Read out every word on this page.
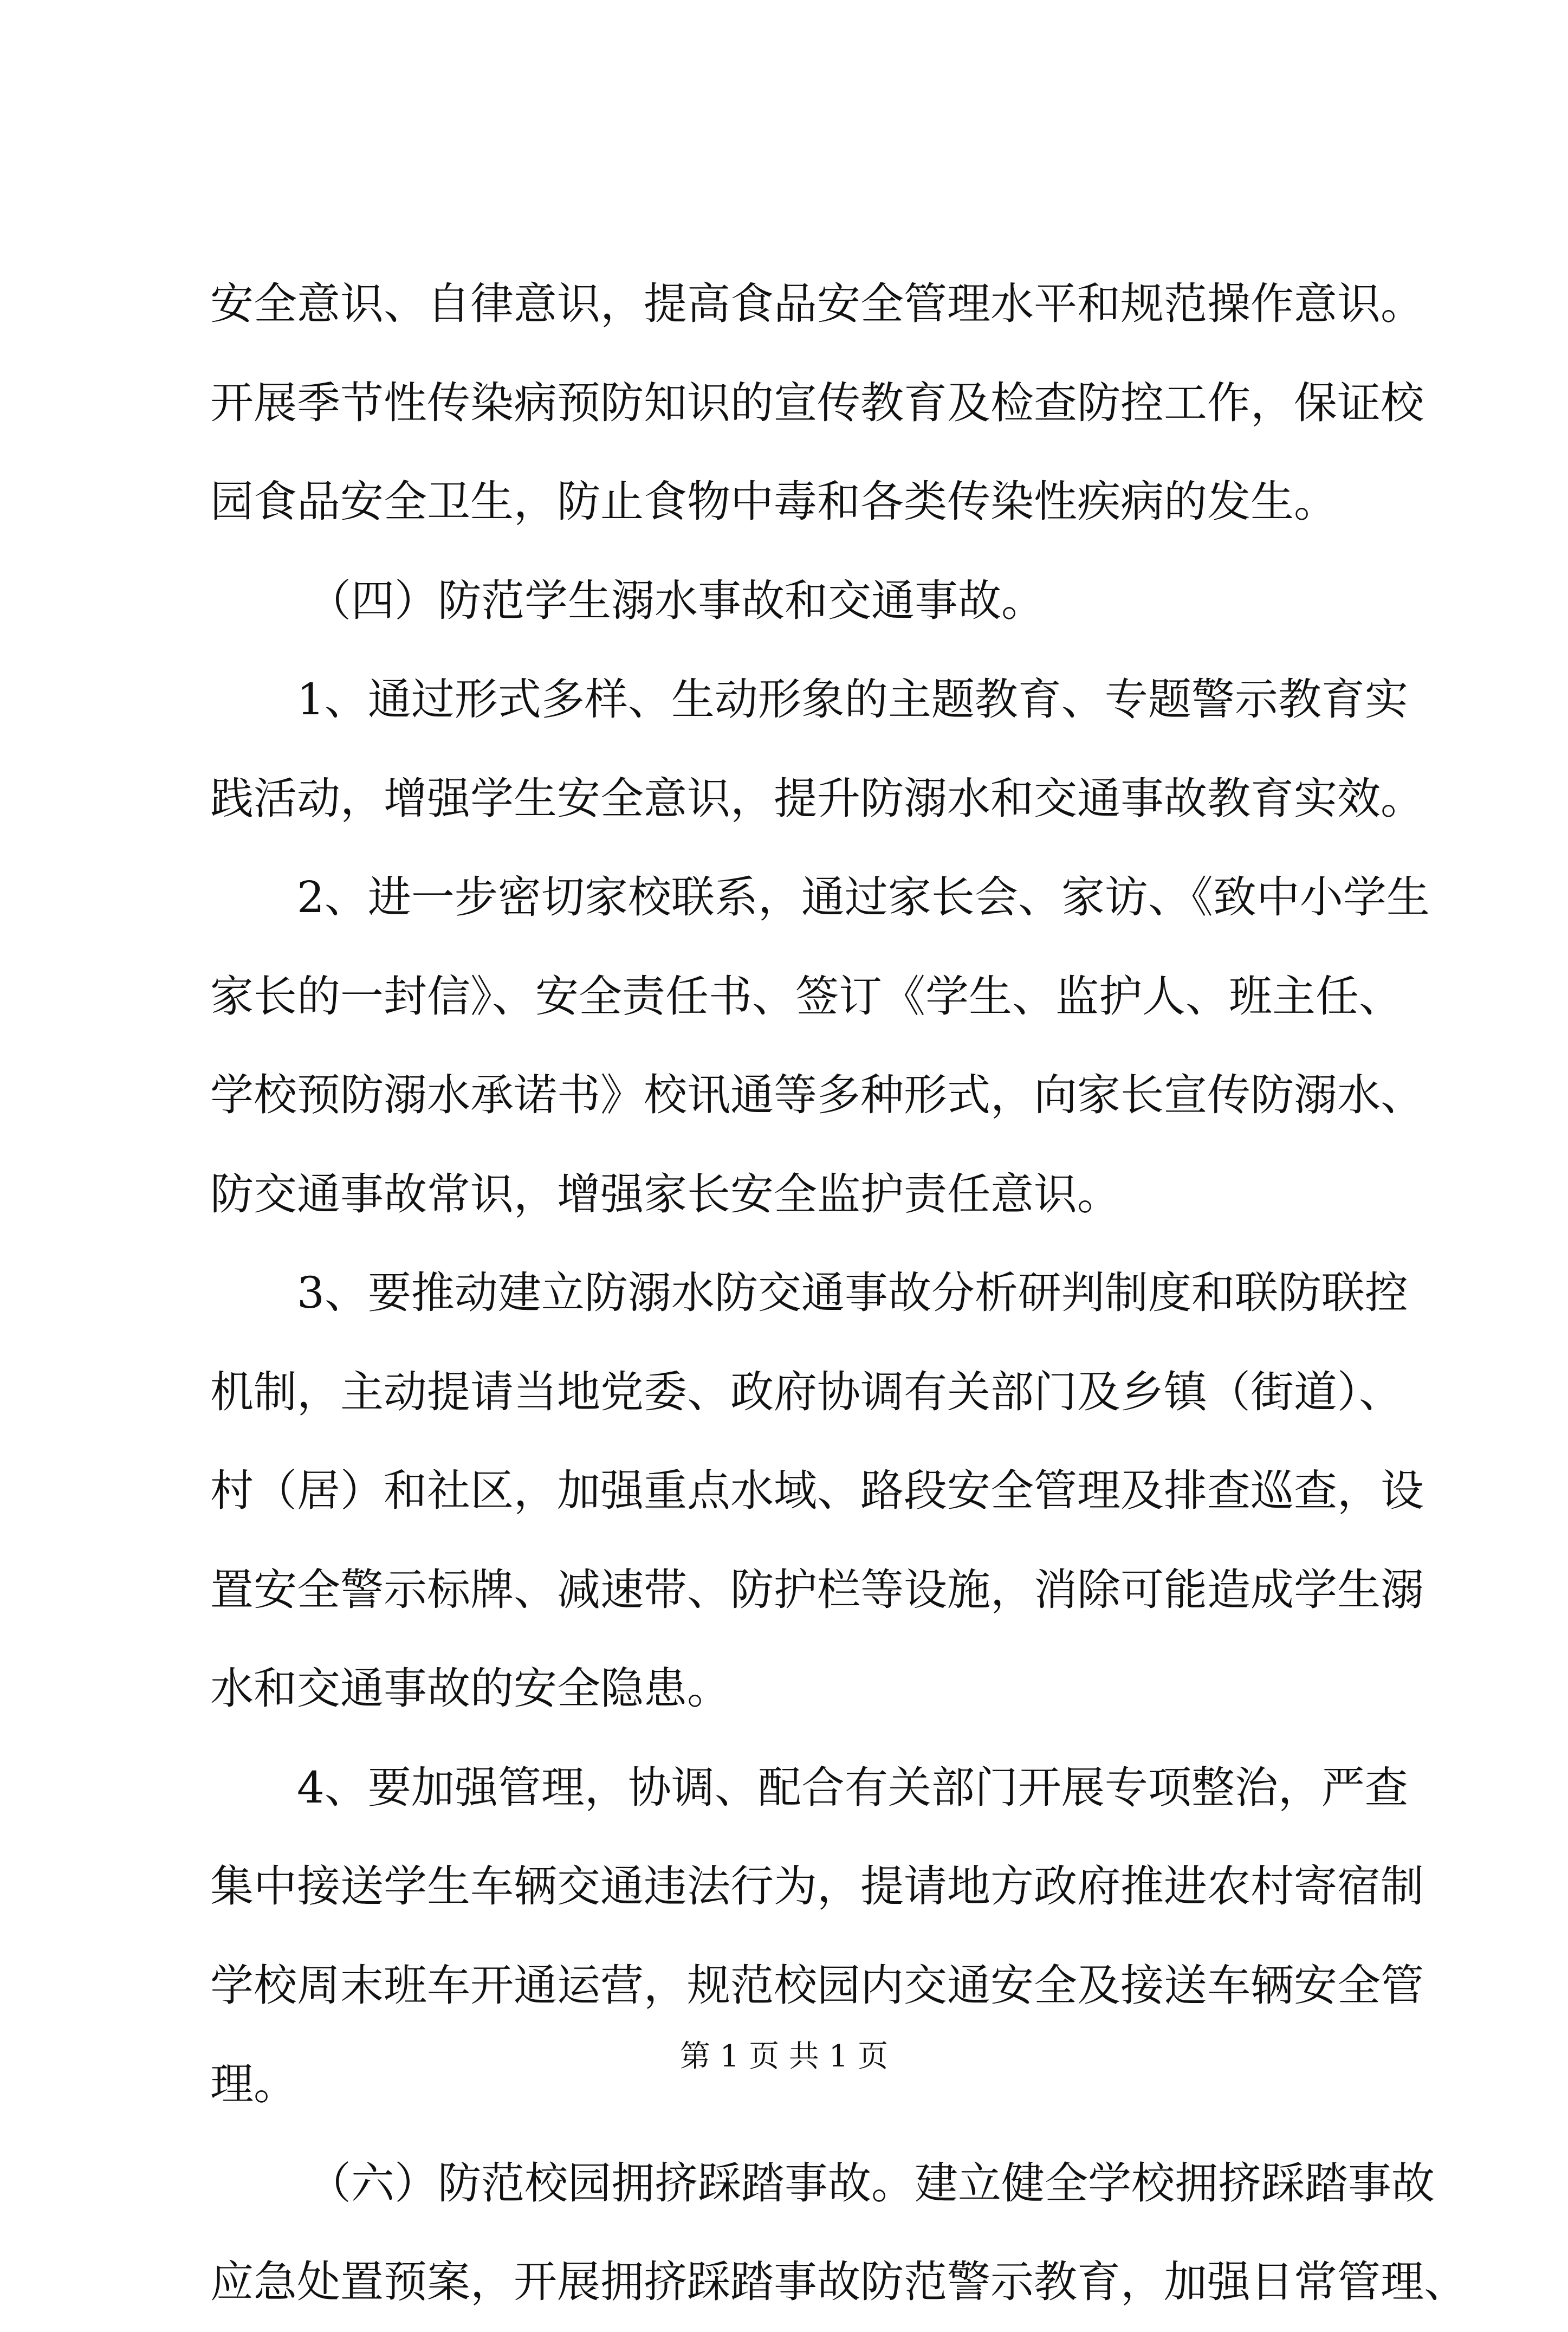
安全意识、自律意识，提高食品安全管理水平和规范操作意识。
开展季节性传染病预防知识的宣传教育及检查防控工作，保证校
园食品安全卫生，防止食物中毒和各类传染性疾病的发生。
（四）防范学生溺水事故和交通事故。
1、通过形式多样、生动形象的主题教育、专题警示教育实
践活动，增强学生安全意识，提升防溺水和交通事故教育实效。
2、进一步密切家校联系，通过家长会、家访、《致中小学生
家长的一封信》、安全责任书、签订《学生、监护人、班主任、
学校预防溺水承诺书》校讯通等多种形式，向家长宣传防溺水、
防交通事故常识，增强家长安全监护责任意识。
3、要推动建立防溺水防交通事故分析研判制度和联防联控
机制，主动提请当地党委、政府协调有关部门及乡镇（街道）、
村（居）和社区，加强重点水域、路段安全管理及排查巡查，设
置安全警示标牌、减速带、防护栏等设施，消除可能造成学生溺
水和交通事故的安全隐患。
4、要加强管理，协调、配合有关部门开展专项整治，严查
集中接送学生车辆交通违法行为，提请地方政府推进农村寄宿制
学校周末班车开通运营，规范校园内交通安全及接送车辆安全管
理。
（六）防范校园拥挤踩踏事故。建立健全学校拥挤踩踏事故
应急处置预案，开展拥挤踩踏事故防范警示教育，加强日常管理、
第 1 页 共 1 页
